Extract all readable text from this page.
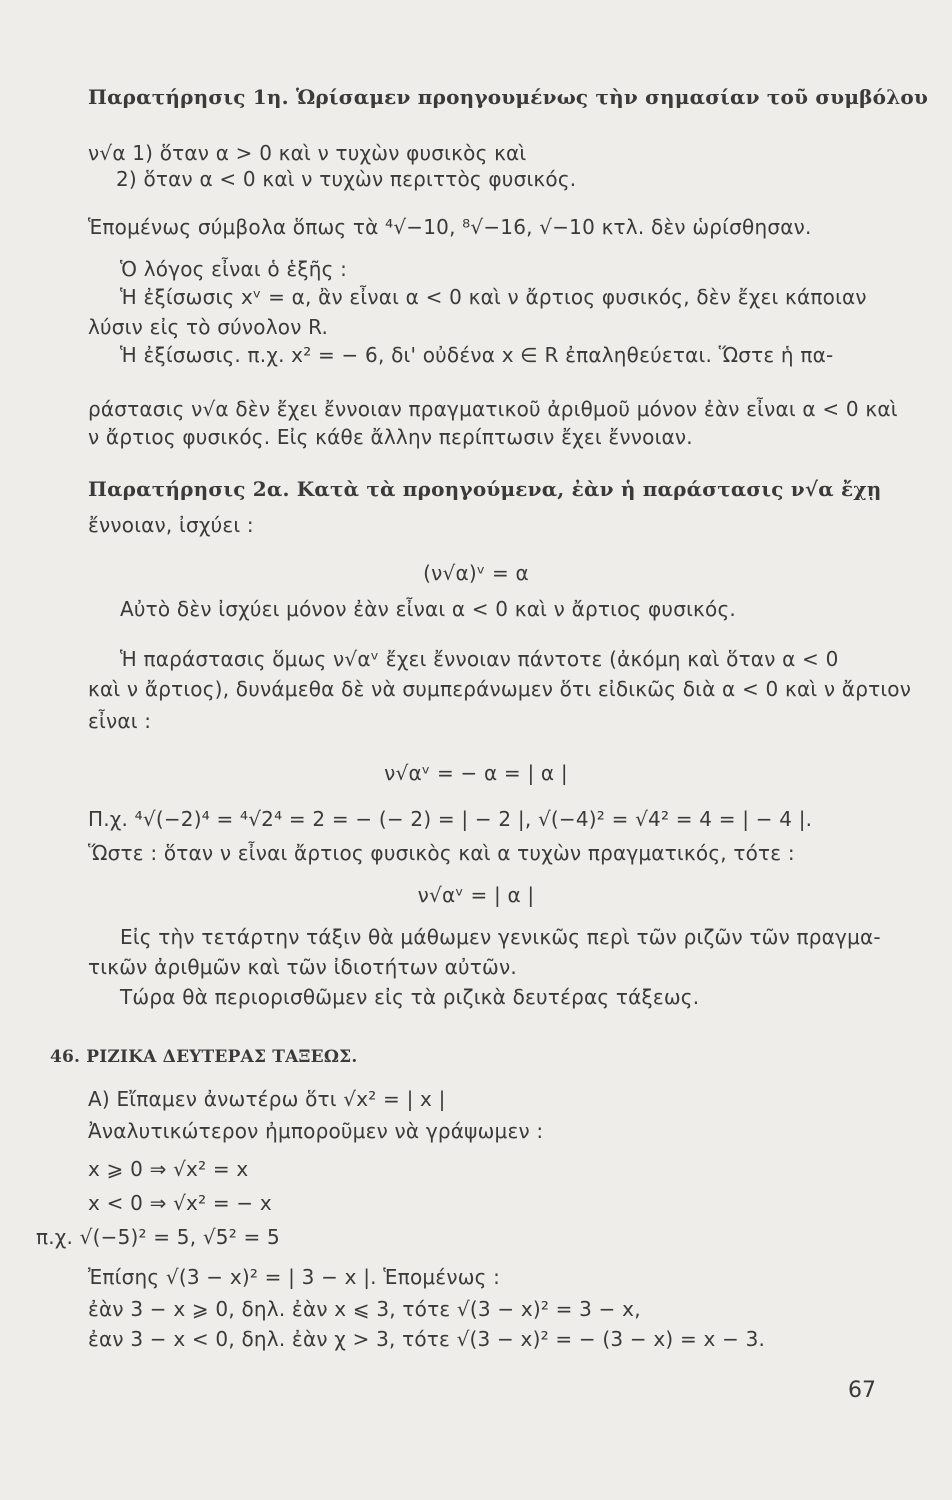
Παρατήρησις 1η. Ὡρίσαμεν προηγουμένως τὴν σημασίαν τοῦ συμβόλου
ν√α 1) ὅταν α > 0 καὶ ν τυχὼν φυσικὸς καὶ
2) ὅταν α < 0 καὶ ν τυχὼν περιττὸς φυσικός.
Ἑπομένως σύμβολα ὅπως τὰ ⁴√−10, ⁸√−16, √−10 κτλ. δὲν ὡρίσθησαν.
Ὁ λόγος εἶναι ὁ ἑξῆς :
Ἡ ἐξίσωσις xᵛ = α, ἂν εἶναι α < 0 καὶ ν ἄρτιος φυσικός, δὲν ἔχει κάποιαν
λύσιν εἰς τὸ σύνολον R.
Ἡ ἐξίσωσις. π.χ. x² = − 6, δι' οὐδένα x ∈ R ἐπαληθεύεται. Ὥστε ἡ πα-
ράστασις ν√α δὲν ἔχει ἔννοιαν πραγματικοῦ ἀριθμοῦ μόνον ἐὰν εἶναι α < 0 καὶ
ν ἄρτιος φυσικός. Εἰς κάθε ἄλλην περίπτωσιν ἔχει ἔννοιαν.
Παρατήρησις 2α. Κατὰ τὰ προηγούμενα, ἐὰν ἡ παράστασις ν√α ἔχῃ
ἔννοιαν, ἰσχύει :
(ν√α)ᵛ = α
Αὐτὸ δὲν ἰσχύει μόνον ἐὰν εἶναι α < 0 καὶ ν ἄρτιος φυσικός.
Ἡ παράστασις ὅμως ν√αᵛ ἔχει ἔννοιαν πάντοτε (ἀκόμη καὶ ὅταν α < 0
καὶ ν ἄρτιος), δυνάμεθα δὲ νὰ συμπεράνωμεν ὅτι εἰδικῶς διὰ α < 0 καὶ ν ἄρτιον
εἶναι :
ν√αᵛ = − α = | α |
Π.χ. ⁴√(−2)⁴ = ⁴√2⁴ = 2 = − (− 2) = | − 2 |, √(−4)² = √4² = 4 = | − 4 |.
Ὥστε : ὅταν ν εἶναι ἄρτιος φυσικὸς καὶ α τυχὼν πραγματικός, τότε :
ν√αᵛ = | α |
Εἰς τὴν τετάρτην τάξιν θὰ μάθωμεν γενικῶς περὶ τῶν ριζῶν τῶν πραγμα-
τικῶν ἀριθμῶν καὶ τῶν ἰδιοτήτων αὐτῶν.
Τώρα θὰ περιορισθῶμεν εἰς τὰ ριζικὰ δευτέρας τάξεως.
46. ΡΙΖΙΚΑ ΔΕΥΤΕΡΑΣ ΤΑΞΕΩΣ.
Α) Εἴπαμεν ἀνωτέρω ὅτι √x² = | x |
Ἀναλυτικώτερον ἠμποροῦμεν νὰ γράψωμεν :
x ⩾ 0 ⇒ √x² = x
x < 0 ⇒ √x² = − x
π.χ. √(−5)² = 5, √5² = 5
Ἐπίσης √(3 − x)² = | 3 − x |. Ἑπομένως :
ἐὰν 3 − x ⩾ 0, δηλ. ἐὰν x ⩽ 3, τότε √(3 − x)² = 3 − x,
ἐαν 3 − x < 0, δηλ. ἐὰν χ > 3, τότε √(3 − x)² = − (3 − x) = x − 3.
67
